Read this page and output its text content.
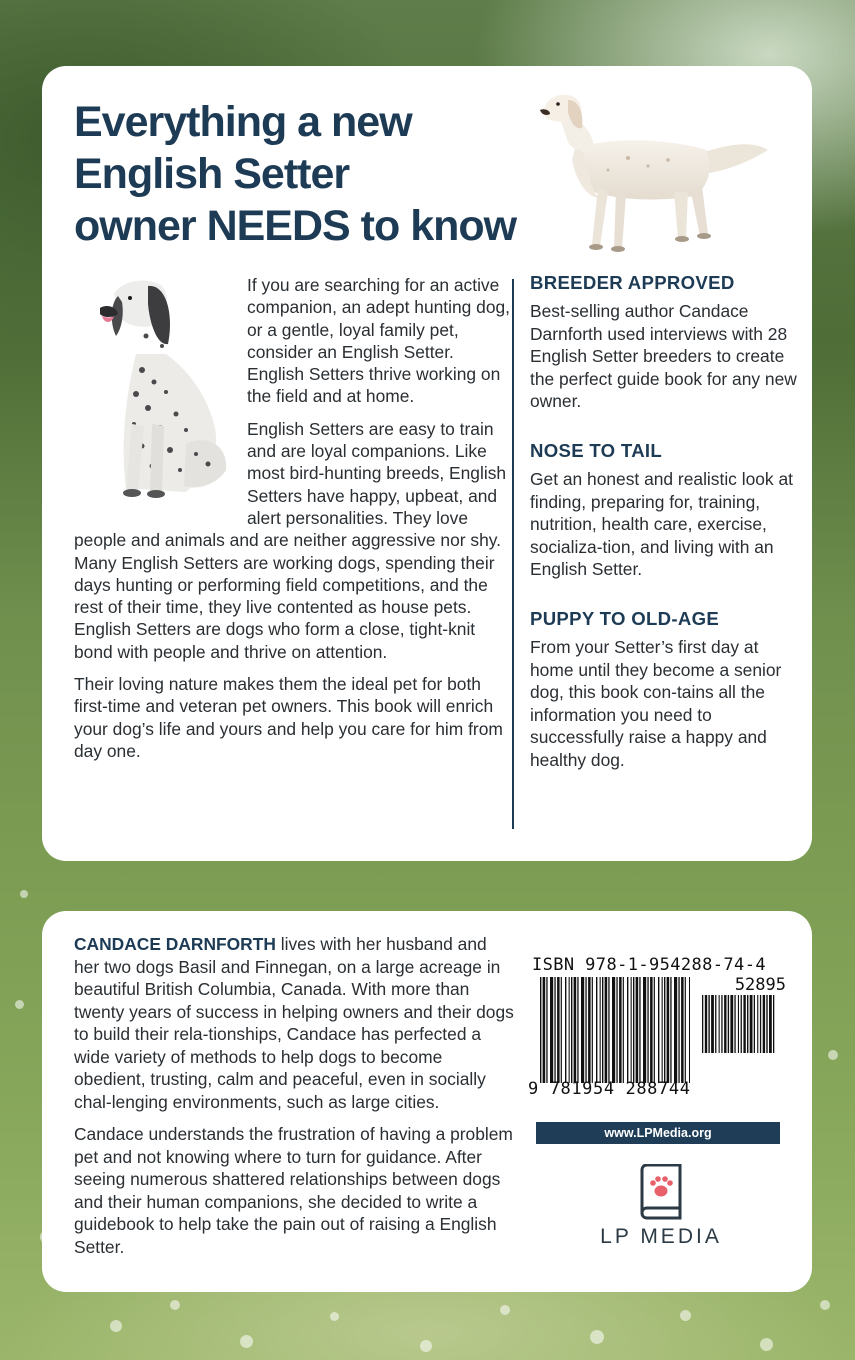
Everything a new
English Setter
owner NEEDS to know

If you are searching for an active companion, an adept hunting dog, or a gentle, loyal family pet, consider an English Setter. English Setters thrive working on the field and at home.

English Setters are easy to train and are loyal companions. Like most bird-hunting breeds, English Setters have happy, upbeat, and alert personalities. They love people and animals and are neither aggressive nor shy. Many English Setters are working dogs, spending their days hunting or performing field competitions, and the rest of their time, they live contented as house pets. English Setters are dogs who form a close, tight-knit bond with people and thrive on attention.

Their loving nature makes them the ideal pet for both first-time and veteran pet owners. This book will enrich your dog’s life and yours and help you care for him from day one.

BREEDER APPROVED

Best-selling author Candace Darnforth used interviews with 28 English Setter breeders to create the perfect guide book for any new owner.

NOSE TO TAIL

Get an honest and realistic look at finding, preparing for, training, nutrition, health care, exercise, socializa-tion, and living with an English Setter.

PUPPY TO OLD-AGE

From your Setter’s first day at home until they become a senior dog, this book con-tains all the information you need to successfully raise a happy and healthy dog.

CANDACE DARNFORTH lives with her husband and her two dogs Basil and Finnegan, on a large acreage in beautiful British Columbia, Canada. With more than twenty years of success in helping owners and their dogs to build their rela-tionships, Candace has perfected a wide variety of methods to help dogs to become obedient, trusting, calm and peaceful, even in socially chal-lenging environments, such as large cities.

Candace understands the frustration of having a problem pet and not knowing where to turn for guidance. After seeing numerous shattered relationships between dogs and their human companions, she decided to write a guidebook to help take the pain out of raising a English Setter.

ISBN 978-1-954288-74-4
52895
9 781954 288744
www.LPMedia.org
LP MEDIA
